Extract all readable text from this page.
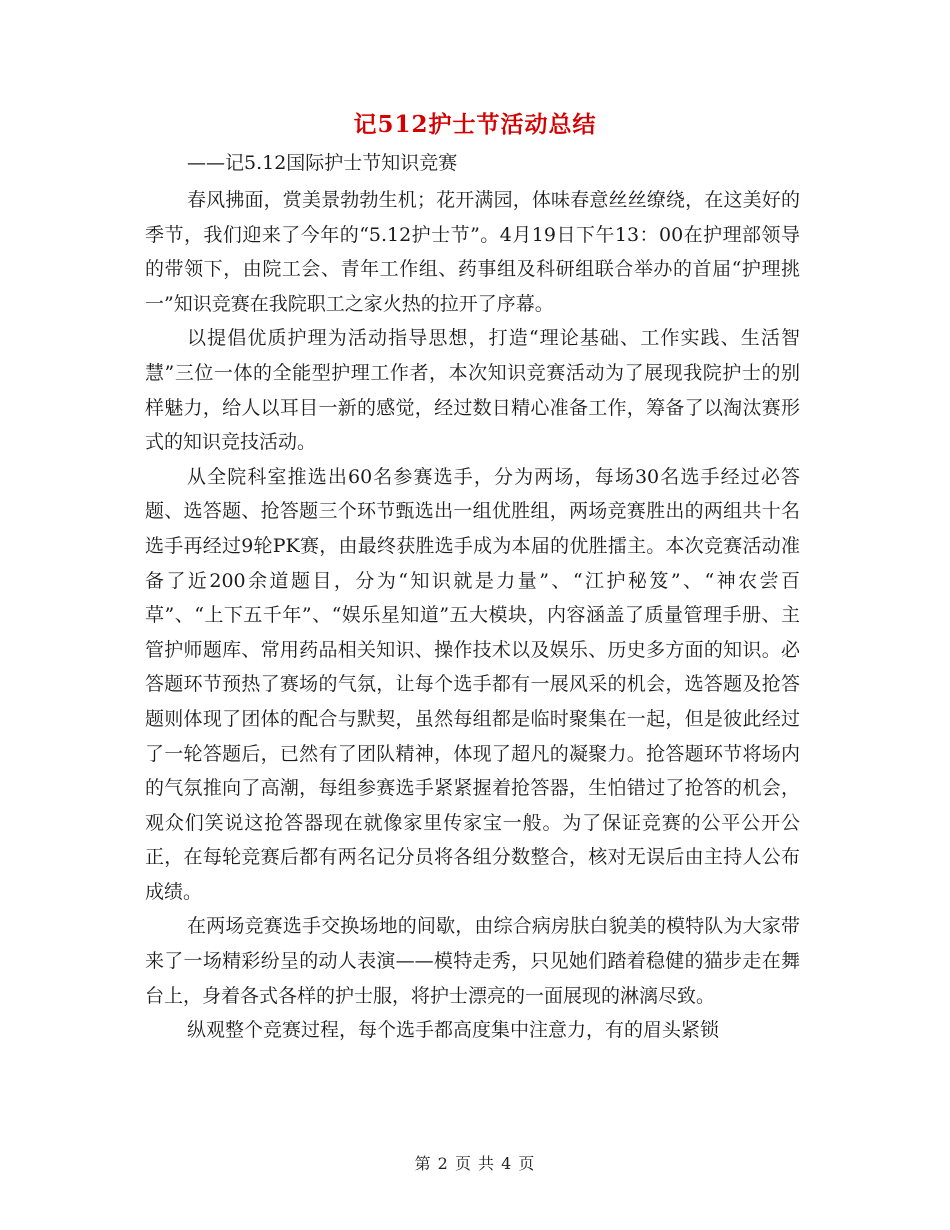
记512护士节活动总结
——记5.12国际护士节知识竞赛

春风拂面，赏美景勃勃生机；花开满园，体味春意丝丝缭绕，在这美好的季节，我们迎来了今年的“5.12护士节”。4月19日下午13：00在护理部领导的带领下，由院工会、青年工作组、药事组及科研组联合举办的首届“护理挑一”知识竞赛在我院职工之家火热的拉开了序幕。

以提倡优质护理为活动指导思想，打造“理论基础、工作实践、生活智慧”三位一体的全能型护理工作者，本次知识竞赛活动为了展现我院护士的别样魅力，给人以耳目一新的感觉，经过数日精心准备工作，筹备了以淘汰赛形式的知识竞技活动。

从全院科室推选出60名参赛选手，分为两场，每场30名选手经过必答题、选答题、抢答题三个环节甄选出一组优胜组，两场竞赛胜出的两组共十名选手再经过9轮PK赛，由最终获胜选手成为本届的优胜擂主。本次竞赛活动准备了近200余道题目，分为“知识就是力量”、“江护秘笈”、“神农尝百草”、“上下五千年”、“娱乐星知道”五大模块，内容涵盖了质量管理手册、主管护师题库、常用药品相关知识、操作技术以及娱乐、历史多方面的知识。必答题环节预热了赛场的气氛，让每个选手都有一展风采的机会，选答题及抢答题则体现了团体的配合与默契，虽然每组都是临时聚集在一起，但是彼此经过了一轮答题后，已然有了团队精神，体现了超凡的凝聚力。抢答题环节将场内的气氛推向了高潮，每组参赛选手紧紧握着抢答器，生怕错过了抢答的机会，观众们笑说这抢答器现在就像家里传家宝一般。为了保证竞赛的公平公开公正，在每轮竞赛后都有两名记分员将各组分数整合，核对无误后由主持人公布成绩。

在两场竞赛选手交换场地的间歇，由综合病房肤白貌美的模特队为大家带来了一场精彩纷呈的动人表演——模特走秀，只见她们踏着稳健的猫步走在舞台上，身着各式各样的护士服，将护士漂亮的一面展现的淋漓尽致。

纵观整个竞赛过程，每个选手都高度集中注意力，有的眉头紧锁

第 2 页 共 4 页
